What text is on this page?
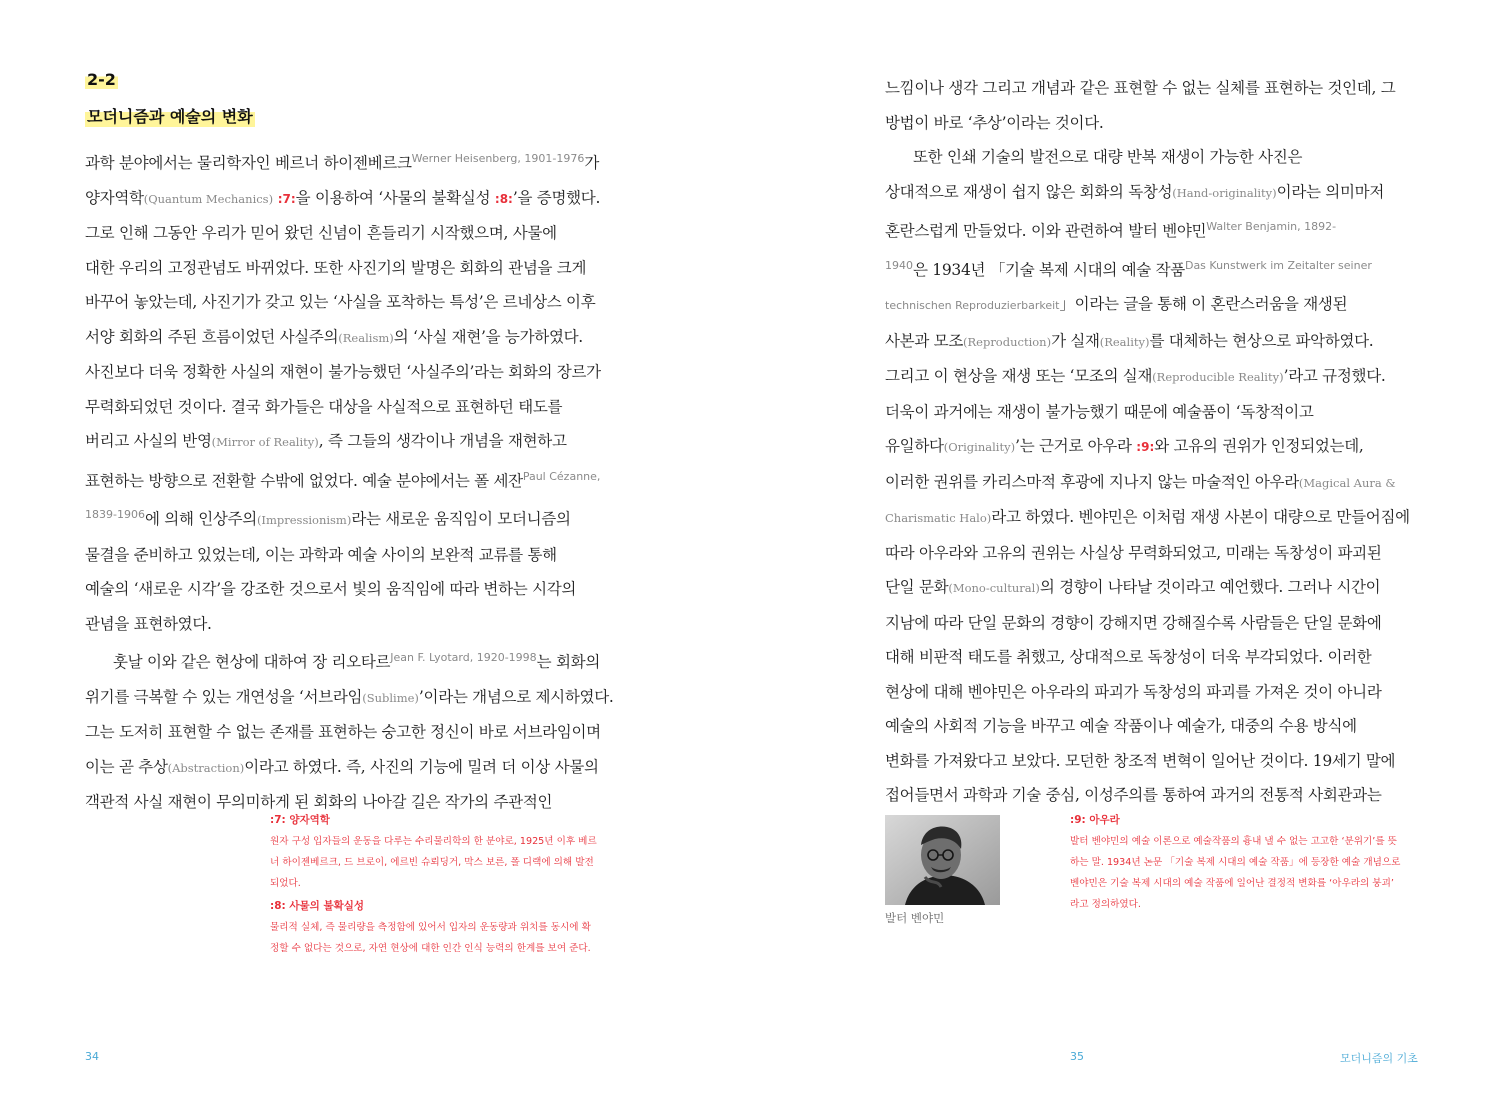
2-2
모더니즘과 예술의 변화

과학 분야에서는 물리학자인 베르너 하이젠베르크$^{Werner Heisenberg, 1901-1976}$가

양자역학(Quantum Mechanics) :7:을 이용하여 ‘사물의 불확실성 :8:’을 증명했다.

그로 인해 그동안 우리가 믿어 왔던 신념이 흔들리기 시작했으며, 사물에

대한 우리의 고정관념도 바뀌었다. 또한 사진기의 발명은 회화의 관념을 크게

바꾸어 놓았는데, 사진기가 갖고 있는 ‘사실을 포착하는 특성’은 르네상스 이후

서양 회화의 주된 흐름이었던 사실주의(Realism)의 ‘사실 재현’을 능가하였다.

사진보다 더욱 정확한 사실의 재현이 불가능했던 ‘사실주의’라는 회화의 장르가

무력화되었던 것이다. 결국 화가들은 대상을 사실적으로 표현하던 태도를

버리고 사실의 반영(Mirror of Reality), 즉 그들의 생각이나 개념을 재현하고

표현하는 방향으로 전환할 수밖에 없었다. 예술 분야에서는 폴 세잔$^{Paul Cézanne,}$

$^{1839-1906}$에 의해 인상주의(Impressionism)라는 새로운 움직임이 모더니즘의

물결을 준비하고 있었는데, 이는 과학과 예술 사이의 보완적 교류를 통해

예술의 ‘새로운 시각’을 강조한 것으로서 빛의 움직임에 따라 변하는 시각의

관념을 표현하였다.

훗날 이와 같은 현상에 대하여 장 리오타르$^{Jean F. Lyotard, 1920-1998}$는 회화의

위기를 극복할 수 있는 개연성을 ‘서브라임(Sublime)’이라는 개념으로 제시하였다.

그는 도저히 표현할 수 없는 존재를 표현하는 숭고한 정신이 바로 서브라임이며

이는 곧 추상(Abstraction)이라고 하였다. 즉, 사진의 기능에 밀려 더 이상 사물의

객관적 사실 재현이 무의미하게 된 회화의 나아갈 길은 작가의 주관적인

:7: 양자역학

원자 구성 입자들의 운동을 다루는 수리물리학의 한 분야로, 1925년 이후 베르
너 하이젠베르크, 드 브로이, 에르빈 슈뢰딩거, 막스 보른, 폴 디랙에 의해 발전
되었다.

:8: 사물의 불확실성

물리적 실체, 즉 물리량을 측정함에 있어서 입자의 운동량과 위치를 동시에 확
정할 수 없다는 것으로, 자연 현상에 대한 인간 인식 능력의 한계를 보여 준다.

34

느낌이나 생각 그리고 개념과 같은 표현할 수 없는 실체를 표현하는 것인데, 그

방법이 바로 ‘추상’이라는 것이다.

또한 인쇄 기술의 발전으로 대량 반복 재생이 가능한 사진은

상대적으로 재생이 쉽지 않은 회화의 독창성(Hand-originality)이라는 의미마저

혼란스럽게 만들었다. 이와 관련하여 발터 벤야민$^{Walter Benjamin, 1892-}$

$^{1940}$은 1934년 「기술 복제 시대의 예술 작품$^{Das Kunstwerk im Zeitalter seiner}$

technischen Reproduzierbarkeit」이라는 글을 통해 이 혼란스러움을 재생된

사본과 모조(Reproduction)가 실재(Reality)를 대체하는 현상으로 파악하였다.

그리고 이 현상을 재생 또는 ‘모조의 실재(Reproducible Reality)’라고 규정했다.

더욱이 과거에는 재생이 불가능했기 때문에 예술품이 ‘독창적이고

유일하다(Originality)’는 근거로 아우라 :9:와 고유의 권위가 인정되었는데,

이러한 권위를 카리스마적 후광에 지나지 않는 마술적인 아우라(Magical Aura &

Charismatic Halo)라고 하였다. 벤야민은 이처럼 재생 사본이 대량으로 만들어짐에

따라 아우라와 고유의 권위는 사실상 무력화되었고, 미래는 독창성이 파괴된

단일 문화(Mono-cultural)의 경향이 나타날 것이라고 예언했다. 그러나 시간이

지남에 따라 단일 문화의 경향이 강해지면 강해질수록 사람들은 단일 문화에

대해 비판적 태도를 취했고, 상대적으로 독창성이 더욱 부각되었다. 이러한

현상에 대해 벤야민은 아우라의 파괴가 독창성의 파괴를 가져온 것이 아니라

예술의 사회적 기능을 바꾸고 예술 작품이나 예술가, 대중의 수용 방식에

변화를 가져왔다고 보았다. 모던한 창조적 변혁이 일어난 것이다. 19세기 말에

접어들면서 과학과 기술 중심, 이성주의를 통하여 과거의 전통적 사회관과는

발터 벤야민

:9: 아우라

발터 벤야민의 예술 이론으로 예술작품의 흉내 낼 수 없는 고고한 ‘분위기’를 뜻
하는 말. 1934년 논문 「기술 복제 시대의 예술 작품」에 등장한 예술 개념으로
벤야민은 기술 복제 시대의 예술 작품에 일어난 결정적 변화를 ‘아우라의 붕괴’
라고 정의하였다.

35	모더니즘의 기초
